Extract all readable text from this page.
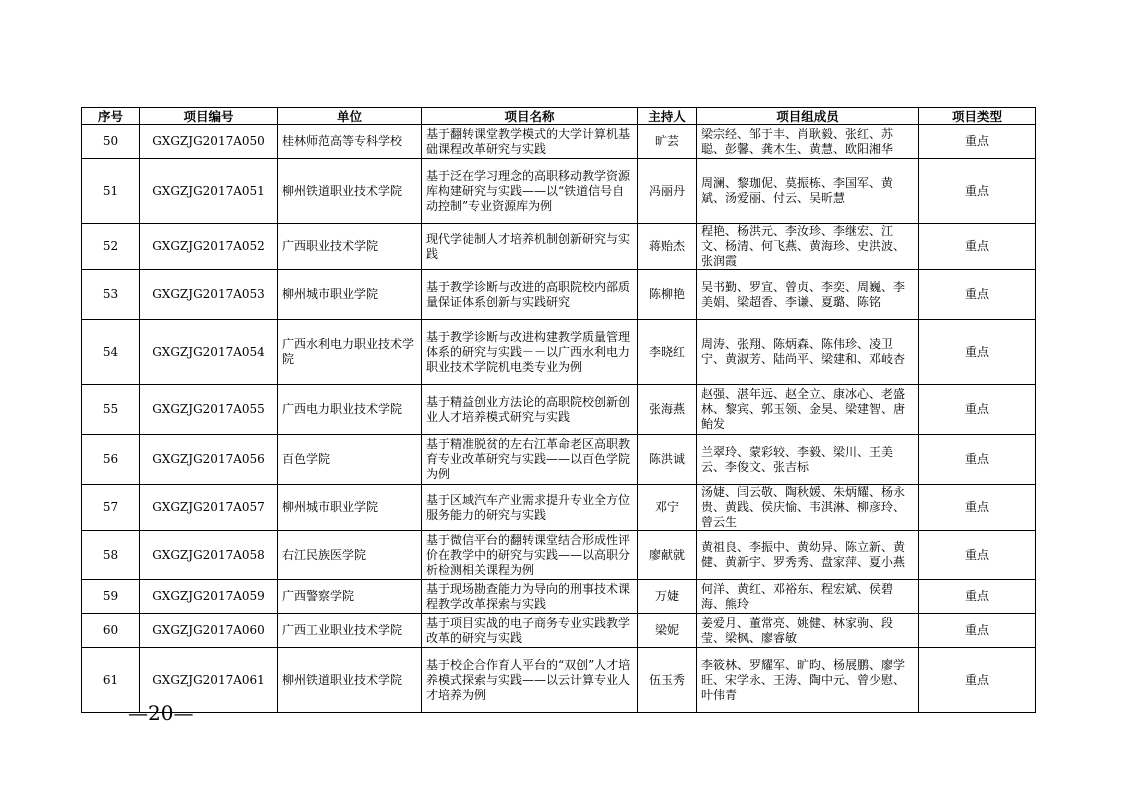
序号	项目编号	单位	项目名称	主持人	项目组成员	项目类型
50	GXGZJG2017A050	桂林师范高等专科学校	基于翻转课堂教学模式的大学计算机基础课程改革研究与实践	旷芸	梁宗经、邹于丰、肖耿毅、张红、苏聪、彭馨、龚木生、黄慧、欧阳湘华	重点
51	GXGZJG2017A051	柳州铁道职业技术学院	基于泛在学习理念的高职移动教学资源库构建研究与实践——以“铁道信号自动控制”专业资源库为例	冯丽丹	周澜、黎珈伲、莫振栋、李国军、黄斌、汤爱丽、付云、吴昕慧	重点
52	GXGZJG2017A052	广西职业技术学院	现代学徒制人才培养机制创新研究与实践	蒋贻杰	程艳、杨洪元、李汝珍、李继宏、江文、杨清、何飞燕、黄海珍、史洪波、张润霞	重点
53	GXGZJG2017A053	柳州城市职业学院	基于教学诊断与改进的高职院校内部质量保证体系创新与实践研究	陈柳艳	吴书勤、罗宣、曾贞、李奕、周巍、李美娟、梁超香、李谦、夏璐、陈铭	重点
54	GXGZJG2017A054	广西水利电力职业技术学院	基于教学诊断与改进构建教学质量管理体系的研究与实践－－以广西水利电力职业技术学院机电类专业为例	李晓红	周涛、张翔、陈炳森、陈伟珍、凌卫宁、黄淑芳、陆尚平、梁建和、邓岐杏	重点
55	GXGZJG2017A055	广西电力职业技术学院	基于精益创业方法论的高职院校创新创业人才培养模式研究与实践	张海燕	赵强、湛年远、赵全立、康冰心、老盛林、黎宾、郭玉领、金昊、梁建智、唐鲐发	重点
56	GXGZJG2017A056	百色学院	基于精准脱贫的左右江革命老区高职教育专业改革研究与实践——以百色学院为例	陈洪诚	兰翠玲、蒙彩较、李毅、梁川、王美云、李俊文、张吉标	重点
57	GXGZJG2017A057	柳州城市职业学院	基于区域汽车产业需求提升专业全方位服务能力的研究与实践	邓宁	汤婕、闫云敬、陶秋媛、朱炳耀、杨永贵、黄践、侯庆愉、韦淇淋、柳彦玲、曾云生	重点
58	GXGZJG2017A058	右江民族医学院	基于微信平台的翻转课堂结合形成性评价在教学中的研究与实践——以高职分析检测相关课程为例	廖献就	黄祖良、李振中、黄幼异、陈立新、黄健、黄新宇、罗秀秀、盘家萍、夏小燕	重点
59	GXGZJG2017A059	广西警察学院	基于现场勘查能力为导向的刑事技术课程教学改革探索与实践	万婕	何洋、黄红、邓裕东、程宏斌、侯碧海、熊玲	重点
60	GXGZJG2017A060	广西工业职业技术学院	基于项目实战的电子商务专业实践教学改革的研究与实践	梁妮	姜爱月、董常亮、姚健、林家驹、段莹、梁枫、廖睿敏	重点
61	GXGZJG2017A061	柳州铁道职业技术学院	基于校企合作育人平台的“双创”人才培养模式探索与实践——以云计算专业人才培养为例	伍玉秀	李筱林、罗耀军、旷昀、杨展鹏、廖学旺、宋学永、王涛、陶中元、曾少慰、叶伟青	重点
—20—
